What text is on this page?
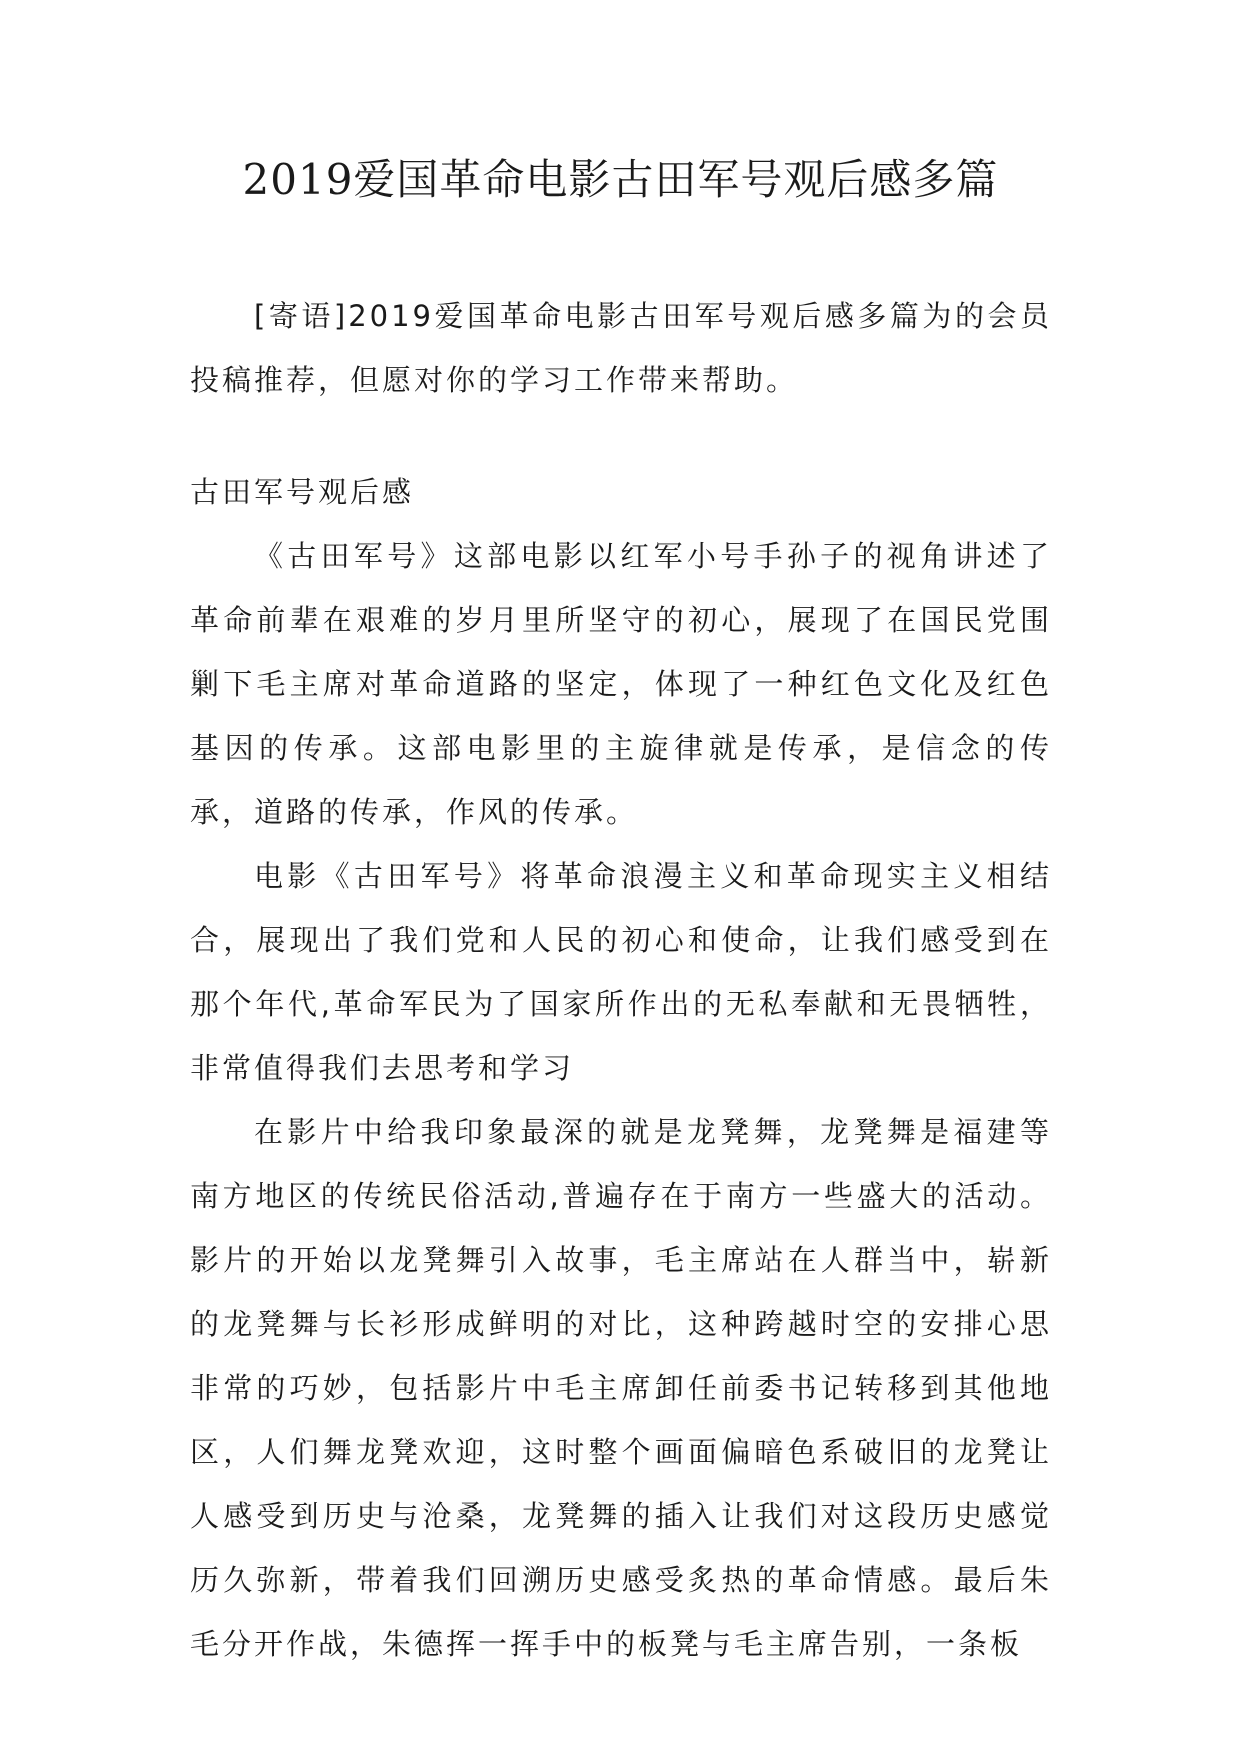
2019爱国革命电影古田军号观后感多篇

[寄语]2019爱国革命电影古田军号观后感多篇为的会员投稿推荐，但愿对你的学习工作带来帮助。

古田军号观后感

《古田军号》这部电影以红军小号手孙子的视角讲述了革命前辈在艰难的岁月里所坚守的初心，展现了在国民党围剿下毛主席对革命道路的坚定，体现了一种红色文化及红色基因的传承。这部电影里的主旋律就是传承，是信念的传承，道路的传承，作风的传承。

电影《古田军号》将革命浪漫主义和革命现实主义相结合，展现出了我们党和人民的初心和使命，让我们感受到在那个年代,革命军民为了国家所作出的无私奉献和无畏牺牲，非常值得我们去思考和学习

在影片中给我印象最深的就是龙凳舞，龙凳舞是福建等南方地区的传统民俗活动,普遍存在于南方一些盛大的活动。影片的开始以龙凳舞引入故事，毛主席站在人群当中，崭新的龙凳舞与长衫形成鲜明的对比，这种跨越时空的安排心思非常的巧妙，包括影片中毛主席卸任前委书记转移到其他地区，人们舞龙凳欢迎，这时整个画面偏暗色系破旧的龙凳让人感受到历史与沧桑，龙凳舞的插入让我们对这段历史感觉历久弥新，带着我们回溯历史感受炙热的革命情感。最后朱毛分开作战，朱德挥一挥手中的板凳与毛主席告别，一条板
